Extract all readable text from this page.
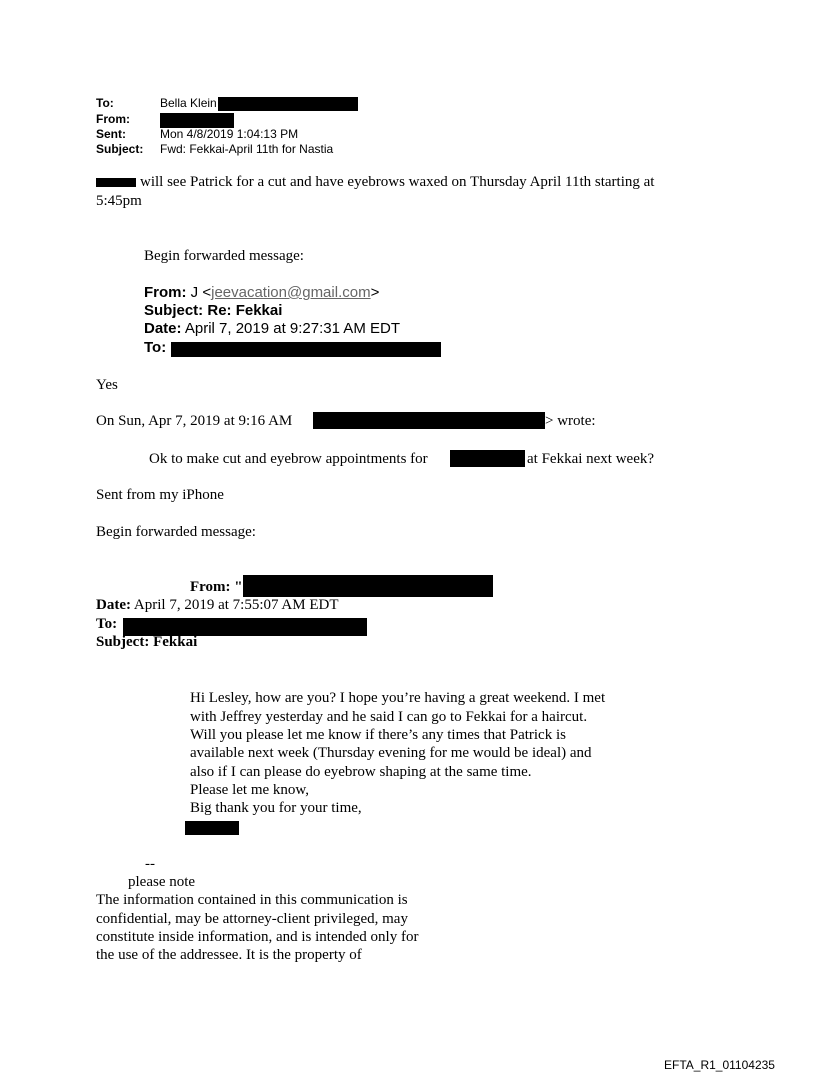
To:	Bella Klein
From:
Sent:	Mon 4/8/2019 1:04:13 PM
Subject: Fwd: Fekkai-April 11th for Nastia
will see Patrick for a cut and have eyebrows waxed on Thursday April 11th starting at
5:45pm
Begin forwarded message:
From: J <jeevacation@gmail.com>
Subject: Re: Fekkai
Date: April 7, 2019 at 9:27:31 AM EDT
To:
Yes
On Sun, Apr 7, 2019 at 9:16 AM	> wrote:
Ok to make cut and eyebrow appointments for	at Fekkai next week?
Sent from my iPhone
Begin forwarded message:
From: "
Date: April 7, 2019 at 7:55:07 AM EDT
To:
Subject: Fekkai
Hi Lesley, how are you? I hope you’re having a great weekend. I met
with Jeffrey yesterday and he said I can go to Fekkai for a haircut.
Will you please let me know if there’s any times that Patrick is
available next week (Thursday evening for me would be ideal) and
also if I can please do eyebrow shaping at the same time.
Please let me know,
Big thank you for your time,
--
please note
The information contained in this communication is
confidential, may be attorney-client privileged, may
constitute inside information, and is intended only for
the use of the addressee. It is the property of
EFTA_R1_01104235
